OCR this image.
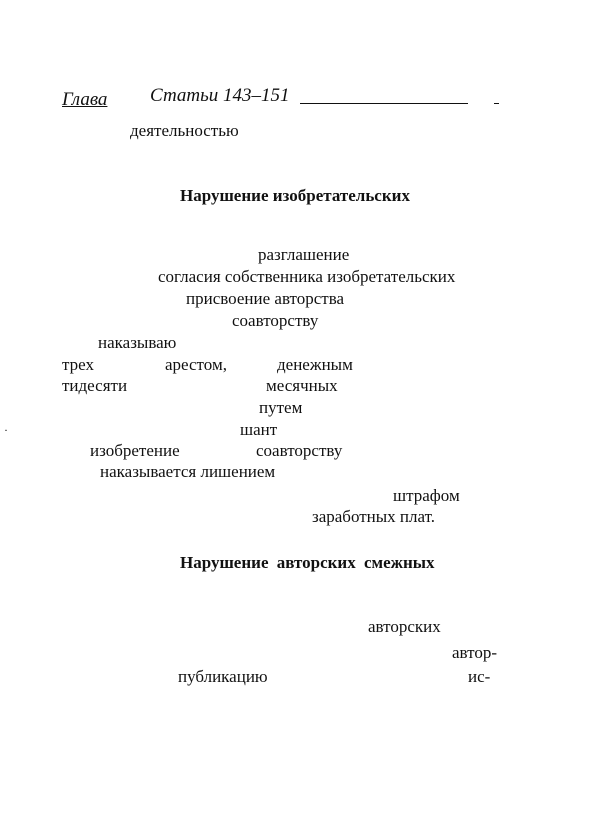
Глава Статьи 143–151
деятельностью
Нарушение изобретательских
разглашение
согласия собственника изобретательских
присвоение авторства
соавторству
наказываю
трех	арестом,	денежным
тидесяти	месячных
путем
шант
·
изобретение	соавторству
наказывается лишением
штрафом
заработных плат.
Нарушение авторских смежных
авторских
автор-
публикацию	ис-
